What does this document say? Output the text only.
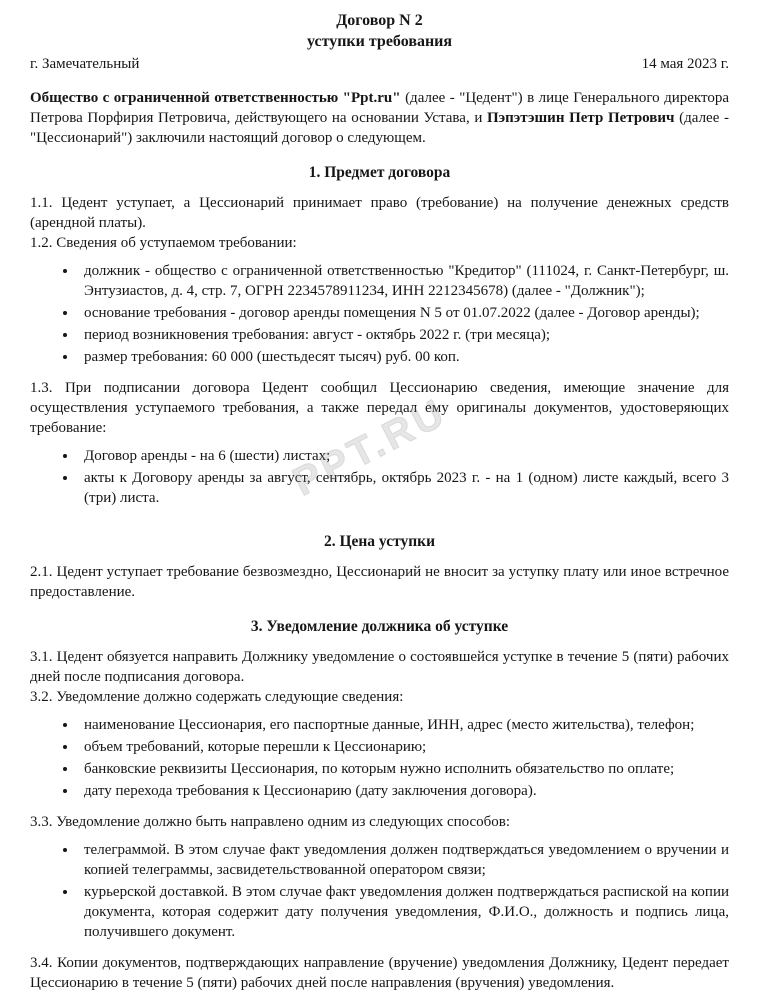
PPT.RU
Договор N 2
уступки требования
г. Замечательный	14 мая 2023 г.

Общество с ограниченной ответственностью "Ppt.ru" (далее - "Цедент") в лице Генерального директора Петрова Порфирия Петровича, действующего на основании Устава, и Пэпэтэшин Петр Петрович (далее - "Цессионарий") заключили настоящий договор о следующем.

1. Предмет договора

1.1. Цедент уступает, а Цессионарий принимает право (требование) на получение денежных средств (арендной платы).

1.2. Сведения об уступаемом требовании:

• должник - общество с ограниченной ответственностью "Кредитор" (111024, г. Санкт-Петербург, ш. Энтузиастов, д. 4, стр. 7, ОГРН 2234578911234, ИНН 2212345678) (далее - "Должник");
• основание требования - договор аренды помещения N 5 от 01.07.2022 (далее - Договор аренды);
• период возникновения требования: август - октябрь 2022 г. (три месяца);
• размер требования: 60 000 (шестьдесят тысяч) руб. 00 коп.

1.3. При подписании договора Цедент сообщил Цессионарию сведения, имеющие значение для осуществления уступаемого требования, а также передал ему оригиналы документов, удостоверяющих требование:

• Договор аренды - на 6 (шести) листах;
• акты к Договору аренды за август, сентябрь, октябрь 2023 г. - на 1 (одном) листе каждый, всего 3 (три) листа.
2. Цена уступки

2.1. Цедент уступает требование безвозмездно, Цессионарий не вносит за уступку плату или иное встречное предоставление.

3. Уведомление должника об уступке

3.1. Цедент обязуется направить Должнику уведомление о состоявшейся уступке в течение 5 (пяти) рабочих дней после подписания договора.

3.2. Уведомление должно содержать следующие сведения:

• наименование Цессионария, его паспортные данные, ИНН, адрес (место жительства), телефон;
• объем требований, которые перешли к Цессионарию;
• банковские реквизиты Цессионария, по которым нужно исполнить обязательство по оплате;
• дату перехода требования к Цессионарию (дату заключения договора).

3.3. Уведомление должно быть направлено одним из следующих способов:

• телеграммой. В этом случае факт уведомления должен подтверждаться уведомлением о вручении и копией телеграммы, засвидетельствованной оператором связи;
• курьерской доставкой. В этом случае факт уведомления должен подтверждаться распиской на копии документа, которая содержит дату получения уведомления, Ф.И.О., должность и подпись лица, получившего документ.

3.4. Копии документов, подтверждающих направление (вручение) уведомления Должнику, Цедент передает Цессионарию в течение 5 (пяти) рабочих дней после направления (вручения) уведомления.
